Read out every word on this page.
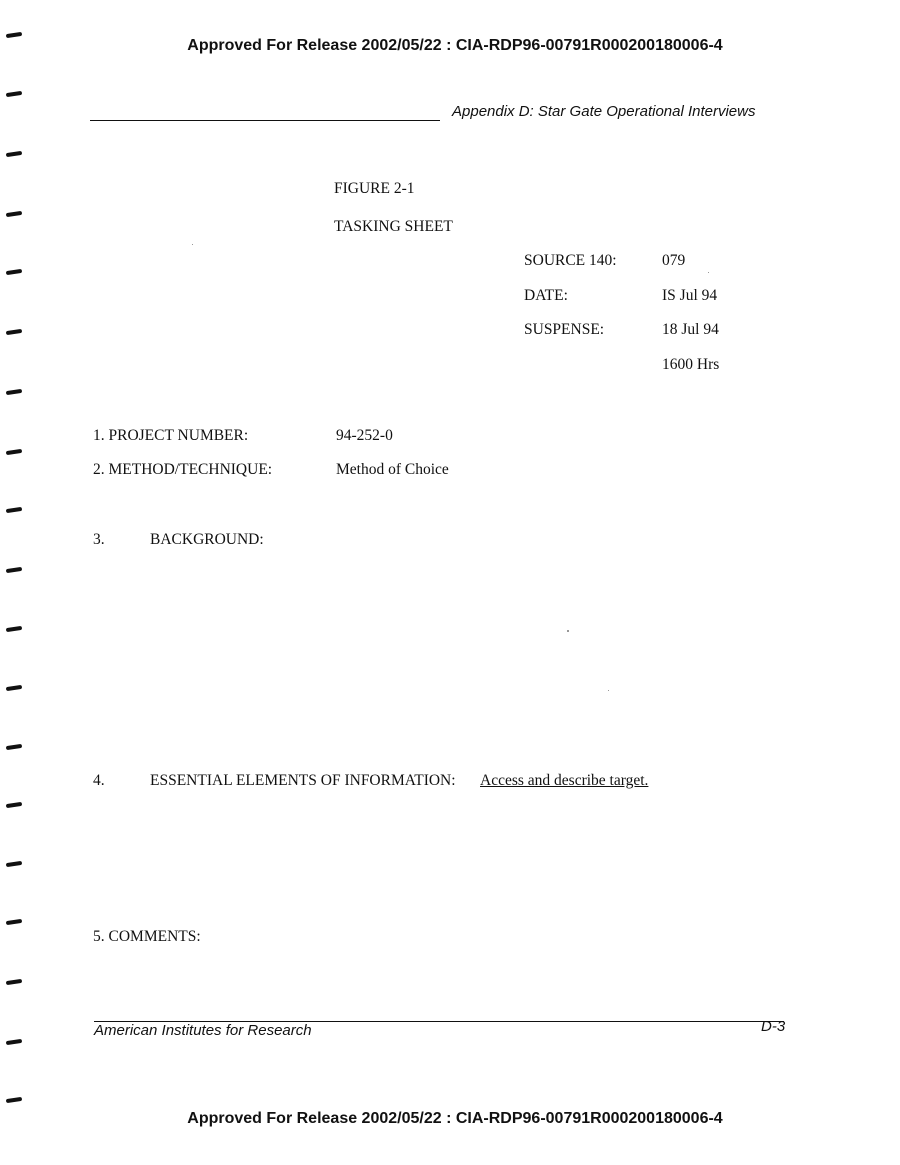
Approved For Release 2002/05/22 : CIA-RDP96-00791R000200180006-4
Appendix D: Star Gate Operational Interviews
FIGURE 2-1
TASKING SHEET
SOURCE 140:	079
DATE:	IS Jul 94
SUSPENSE:	18 Jul 94
1600 Hrs
1. PROJECT NUMBER:	94-252-0
2. METHOD/TECHNIQUE:	Method of Choice
3.	BACKGROUND:
4.	ESSENTIAL ELEMENTS OF INFORMATION: Access and describe target.
5. COMMENTS:
American Institutes for Research	D-3
Approved For Release 2002/05/22 : CIA-RDP96-00791R000200180006-4
